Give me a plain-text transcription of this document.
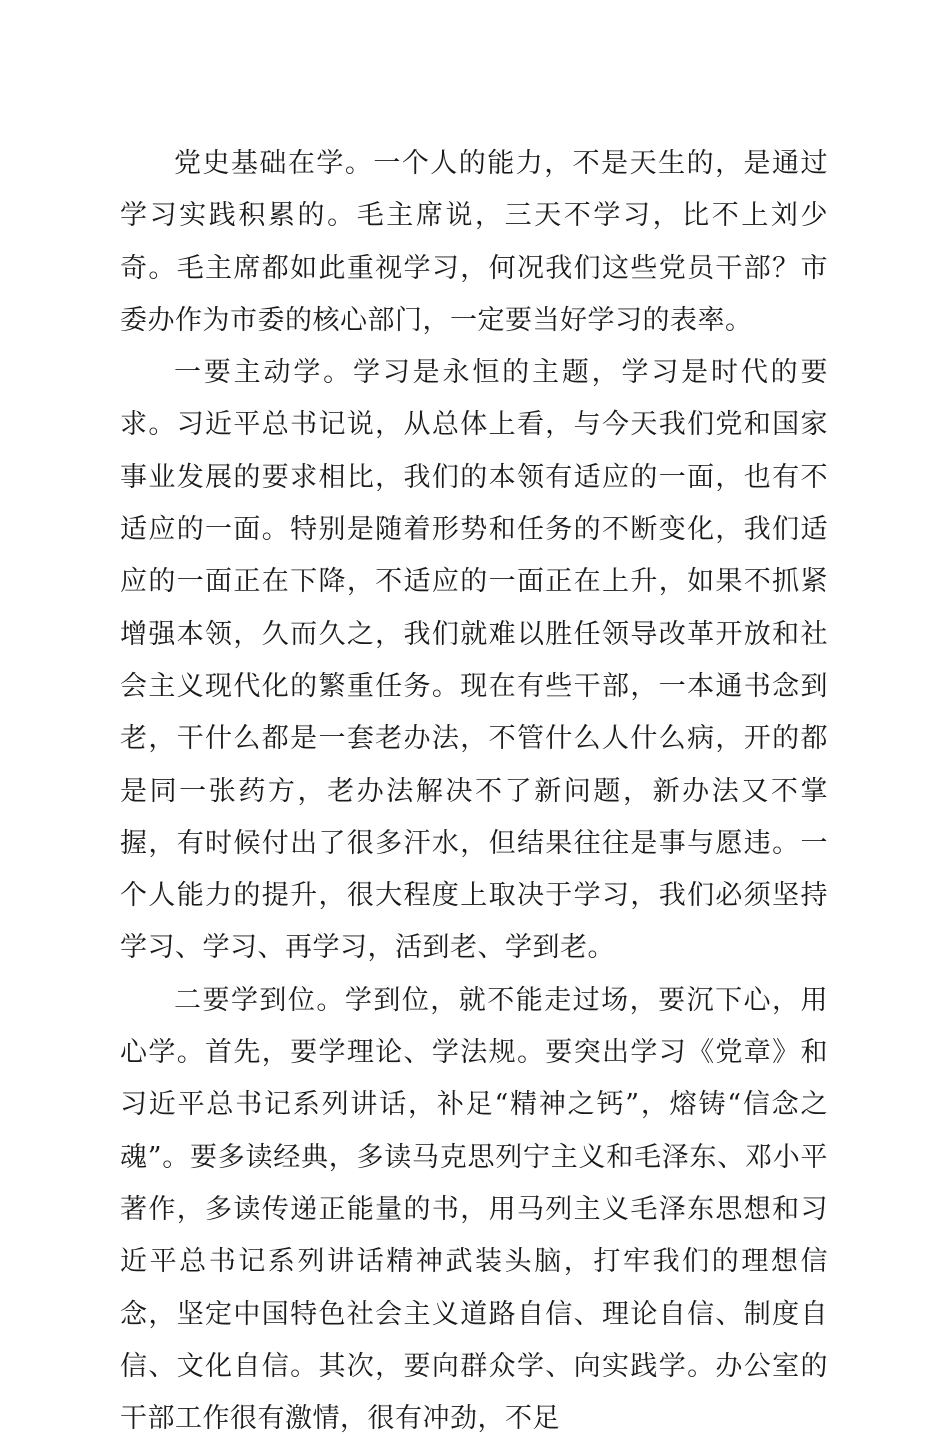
党史基础在学。一个人的能力，不是天生的，是通过学习实践积累的。毛主席说，三天不学习，比不上刘少奇。毛主席都如此重视学习，何况我们这些党员干部？市委办作为市委的核心部门，一定要当好学习的表率。

一要主动学。学习是永恒的主题，学习是时代的要求。习近平总书记说，从总体上看，与今天我们党和国家事业发展的要求相比，我们的本领有适应的一面，也有不适应的一面。特别是随着形势和任务的不断变化，我们适应的一面正在下降，不适应的一面正在上升，如果不抓紧增强本领，久而久之，我们就难以胜任领导改革开放和社会主义现代化的繁重任务。现在有些干部，一本通书念到老，干什么都是一套老办法，不管什么人什么病，开的都是同一张药方，老办法解决不了新问题，新办法又不掌握，有时候付出了很多汗水，但结果往往是事与愿违。一个人能力的提升，很大程度上取决于学习，我们必须坚持学习、学习、再学习，活到老、学到老。

二要学到位。学到位，就不能走过场，要沉下心，用心学。首先，要学理论、学法规。要突出学习《党章》和习近平总书记系列讲话，补足“精神之钙”，熔铸“信念之魂”。要多读经典，多读马克思列宁主义和毛泽东、邓小平著作，多读传递正能量的书，用马列主义毛泽东思想和习近平总书记系列讲话精神武装头脑，打牢我们的理想信念，坚定中国特色社会主义道路自信、理论自信、制度自信、文化自信。其次，要向群众学、向实践学。办公室的干部工作很有激情，很有冲劲，不足
